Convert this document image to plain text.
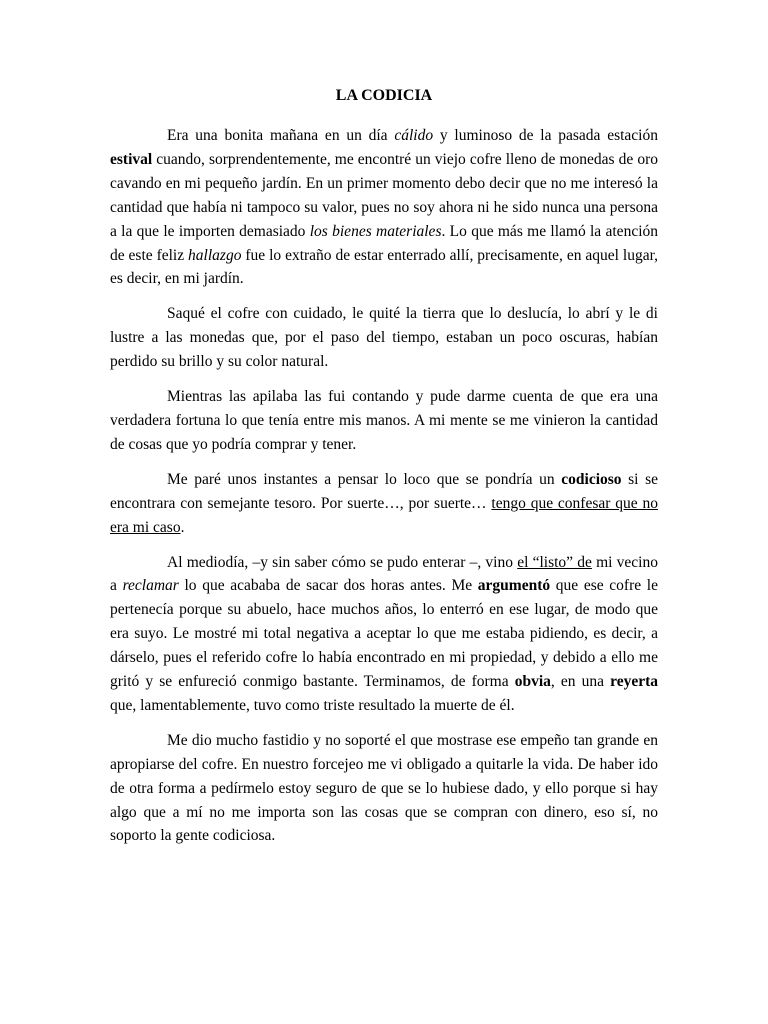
LA CODICIA

Era una bonita mañana en un día cálido y luminoso de la pasada estación estival cuando, sorprendentemente, me encontré un viejo cofre lleno de monedas de oro cavando en mi pequeño jardín. En un primer momento debo decir que no me interesó la cantidad que había ni tampoco su valor, pues no soy ahora ni he sido nunca una persona a la que le importen demasiado los bienes materiales. Lo que más me llamó la atención de este feliz hallazgo fue lo extraño de estar enterrado allí, precisamente, en aquel lugar, es decir, en mi jardín.

Saqué el cofre con cuidado, le quité la tierra que lo deslucía, lo abrí y le di lustre a las monedas que, por el paso del tiempo, estaban un poco oscuras, habían perdido su brillo y su color natural.

Mientras las apilaba las fui contando y pude darme cuenta de que era una verdadera fortuna lo que tenía entre mis manos. A mi mente se me vinieron la cantidad de cosas que yo podría comprar y tener.

Me paré unos instantes a pensar lo loco que se pondría un codicioso si se encontrara con semejante tesoro. Por suerte…, por suerte… tengo que confesar que no era mi caso.

Al mediodía, –y sin saber cómo se pudo enterar –, vino el “listo” de mi vecino a reclamar lo que acababa de sacar dos horas antes. Me argumentó que ese cofre le pertenecía porque su abuelo, hace muchos años, lo enterró en ese lugar, de modo que era suyo. Le mostré mi total negativa a aceptar lo que me estaba pidiendo, es decir, a dárselo, pues el referido cofre lo había encontrado en mi propiedad, y debido a ello me gritó y se enfureció conmigo bastante. Terminamos, de forma obvia, en una reyerta que, lamentablemente, tuvo como triste resultado la muerte de él.

Me dio mucho fastidio y no soporté el que mostrase ese empeño tan grande en apropiarse del cofre. En nuestro forcejeo me vi obligado a quitarle la vida. De haber ido de otra forma a pedírmelo estoy seguro de que se lo hubiese dado, y ello porque si hay algo que a mí no me importa son las cosas que se compran con dinero, eso sí, no soporto la gente codiciosa.
